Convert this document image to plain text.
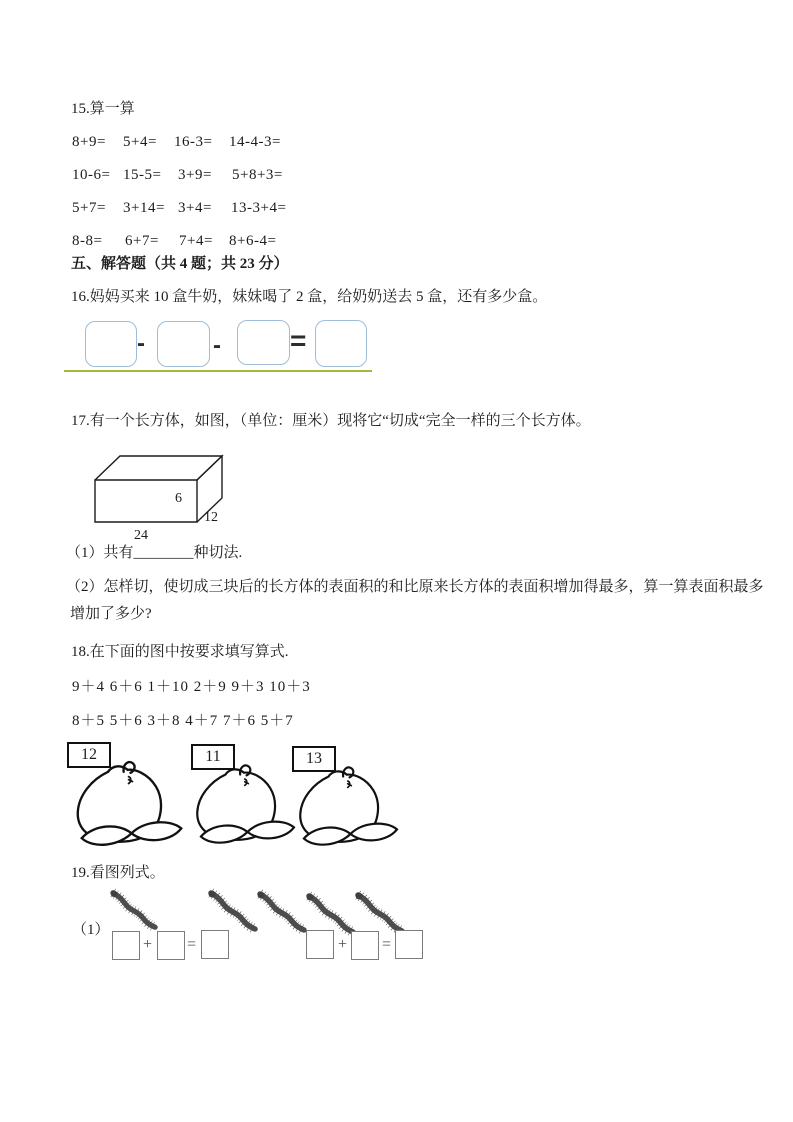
15.算一算
8+9= 5+4= 16-3= 14-4-3=
10-6= 15-5= 3+9= 5+8+3=
5+7= 3+14= 3+4= 13-3+4=
8-8= 6+7= 7+4= 8+6-4=
五、解答题（共 4 题；共 23 分）
16.妈妈买来 10 盒牛奶，妹妹喝了 2 盒，给奶奶送去 5 盒，还有多少盒。
-	- =
17.有一个长方体，如图，（单位：厘米）现将它“切成“完全一样的三个长方体。
6
12
24
（1）共有________种切法.
（2）怎样切，使切成三块后的长方体的表面积的和比原来长方体的表面积增加得最多，算一算表面积最多
增加了多少?
18.在下面的图中按要求填写算式.
9＋4 6＋6 1＋10 2＋9 9＋3 10＋3
8＋5 5＋6 3＋8 4＋7 7＋6 5＋7
12	11	13
19.看图列式。
（1）
+ =	+ =
